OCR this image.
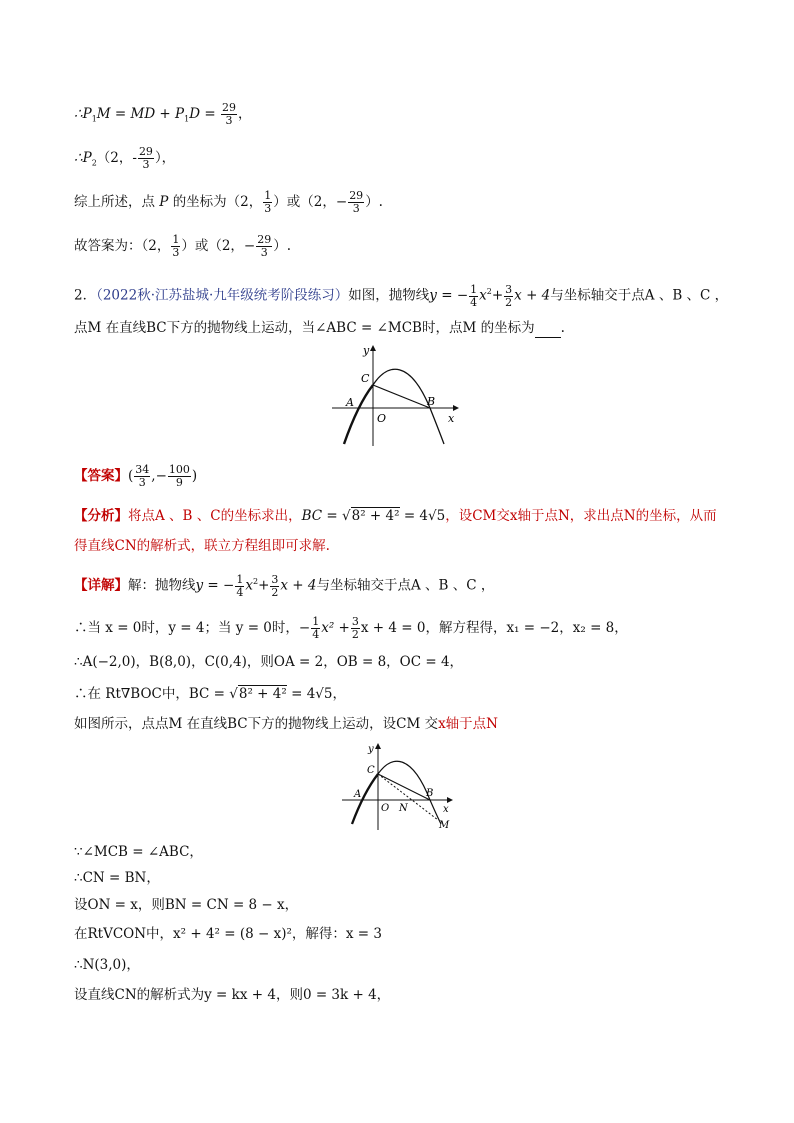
$\therefore P_1M$ = MD + $P_1D = \frac{29}{3}$ ，
$\therefore P_2(2$，- $\frac{29}{3}$ ），
综上所述，点 P 的坐标为（2， $\frac{1}{3}$ ）或（2，− $\frac{29}{3}$ ）.
故答案为：（2， $\frac{1}{3}$ ）或（2，− $\frac{29}{3}$ ）.
2．（2022秋·江苏盐城·九年级统考阶段练习）如图，抛物线y = − $\frac{1}{4} x^2+ \frac{3}{2}$ x + 4与坐标轴交于点A 、B 、C ，
点M 在直线BC下方的抛物线上运动，当∠ABC = ∠MCB时，点M 的坐标为 .
y
x
C
A
O
B
【答案】( $\frac{34}{3}$ ,− $\frac{100}{9}$ )
【分析】将点A 、B 、C的坐标求出，BC = √8² + 4² = 4√5，设CM交x轴于点N，求出点N的坐标，从而
得直线CN的解析式，联立方程组即可求解.
【详解】解：抛物线y = − $\frac{1}{4} x^2+ \frac{3}{2}$ x + 4与坐标轴交于点A 、B 、C ，
∴当 x = 0时，y = 4；当 y = 0时，− $\frac{1}{4} x^2 + \frac{3}{2}$ x + 4 = 0，解方程得，x₁ = −2，x₂ = 8，
∴A(−2,0)，B(8,0)，C(0,4)，则OA = 2，OB = 8，OC = 4，
∴在 Rt∇BOC中，BC = √8² + 4² = 4√5，
如图所示，点点M 在直线BC下方的抛物线上运动，设CM 交x轴于点N
y
x
C
A
O N
B
M
∵∠MCB = ∠ABC，
∴CN = BN，
设ON = x，则BN = CN = 8 − x，
在RtVCON中，x² + 4² = (8 − x)²，解得：x = 3
∴N(3,0)，
设直线CN的解析式为y = kx + 4，则0 = 3k + 4，
